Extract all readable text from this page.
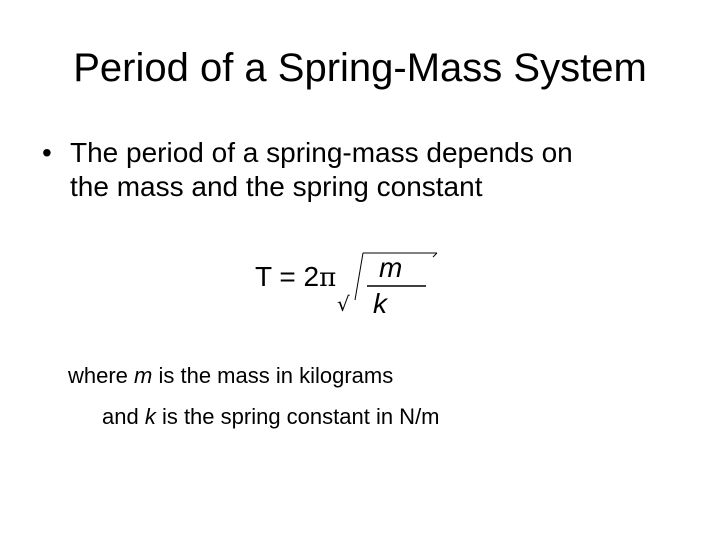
Period of a Spring-Mass System
• The period of a spring-mass depends on
the mass and the spring constant
T = 2π
√
m
k
where m is the mass in kilograms
and k is the spring constant in N/m
